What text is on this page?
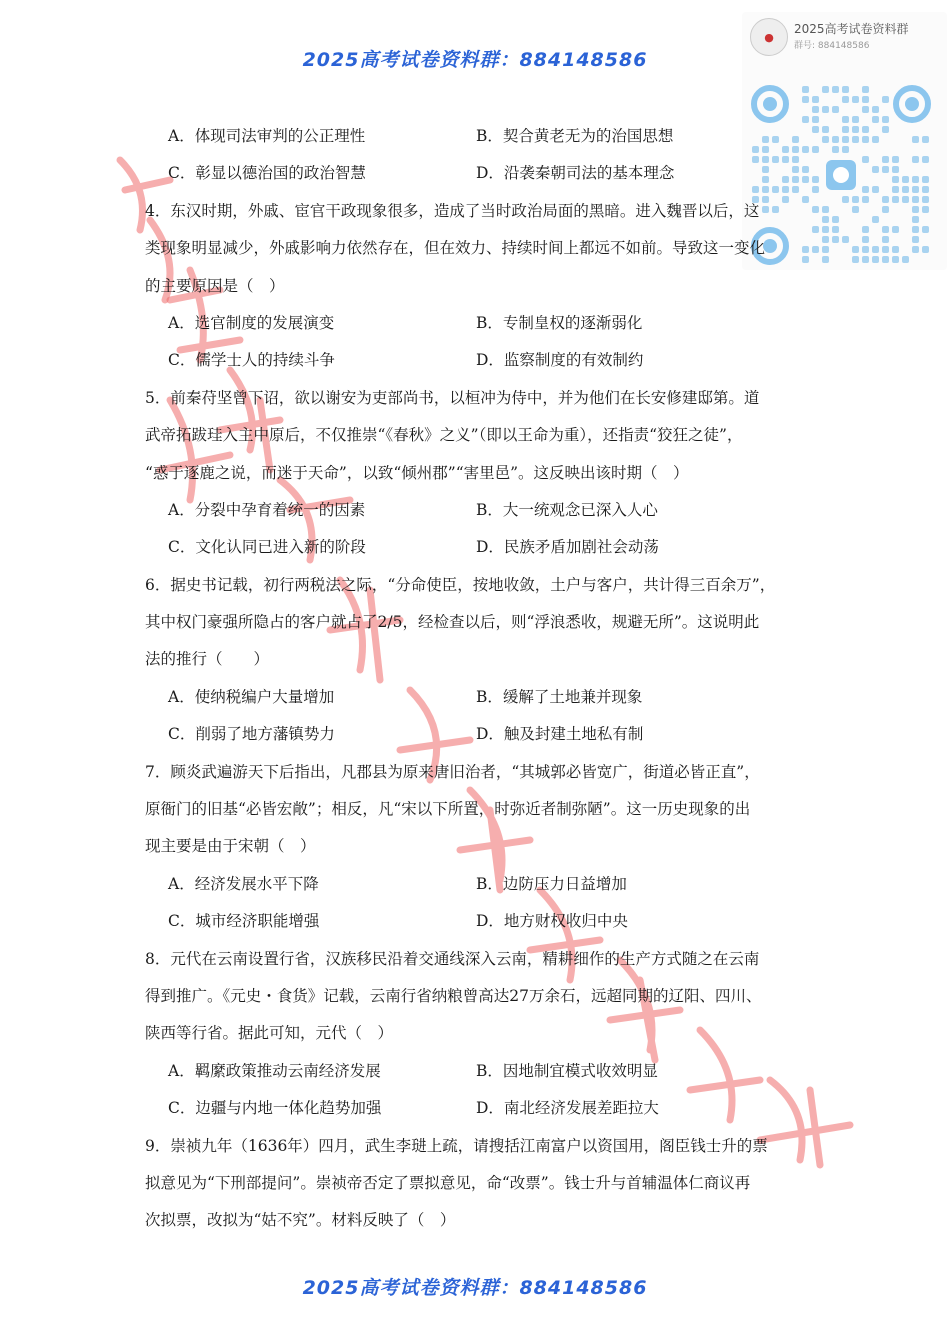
2025高考试卷资料群：884148586
●
2025高考试卷资料群
群号: 884148586
A．体现司法审判的公正理性	B．契合黄老无为的治国思想
C．彰显以德治国的政治智慧	D．沿袭秦朝司法的基本理念
4．东汉时期，外戚、宦官干政现象很多，造成了当时政治局面的黑暗。进入魏晋以后，这
类现象明显减少，外戚影响力依然存在，但在效力、持续时间上都远不如前。导致这一变化
的主要原因是（　）
A．选官制度的发展演变	B．专制皇权的逐渐弱化
C．儒学士人的持续斗争	D．监察制度的有效制约
5．前秦苻坚曾下诏，欲以谢安为吏部尚书，以桓冲为侍中，并为他们在长安修建邸第。道
武帝拓跋珪入主中原后，不仅推崇“《春秋》之义”（即以王命为重），还指责“狡狂之徒”，
“惑于逐鹿之说，而迷于天命”，以致“倾州郡”“害里邑”。这反映出该时期（　）
A．分裂中孕育着统一的因素	B．大一统观念已深入人心
C．文化认同已进入新的阶段	D．民族矛盾加剧社会动荡
6．据史书记载，初行两税法之际，“分命使臣，按地收敛，土户与客户，共计得三百余万”，
其中权门豪强所隐占的客户就占了2/5，经检查以后，则“浮浪悉收，规避无所”。这说明此
法的推行（　　）
A．使纳税编户大量增加	B．缓解了土地兼并现象
C．削弱了地方藩镇势力	D．触及封建土地私有制
7．顾炎武遍游天下后指出，凡郡县为原来唐旧治者，“其城郭必皆宽广，街道必皆正直”，
原衙门的旧基“必皆宏敞”；相反，凡“宋以下所置，时弥近者制弥陋”。这一历史现象的出
现主要是由于宋朝（　）
A．经济发展水平下降	B．边防压力日益增加
C．城市经济职能增强	D．地方财权收归中央
8．元代在云南设置行省，汉族移民沿着交通线深入云南，精耕细作的生产方式随之在云南
得到推广。《元史・食货》记载，云南行省纳粮曾高达27万余石，远超同期的辽阳、四川、
陕西等行省。据此可知，元代（　）
A．羁縻政策推动云南经济发展	B．因地制宜模式收效明显
C．边疆与内地一体化趋势加强	D．南北经济发展差距拉大
9．崇祯九年（1636年）四月，武生李琎上疏，请搜括江南富户以资国用，阁臣钱士升的票
拟意见为“下刑部提问”。崇祯帝否定了票拟意见，命“改票”。钱士升与首辅温体仁商议再
次拟票，改拟为“姑不究”。材料反映了（　）
2025高考试卷资料群：884148586
